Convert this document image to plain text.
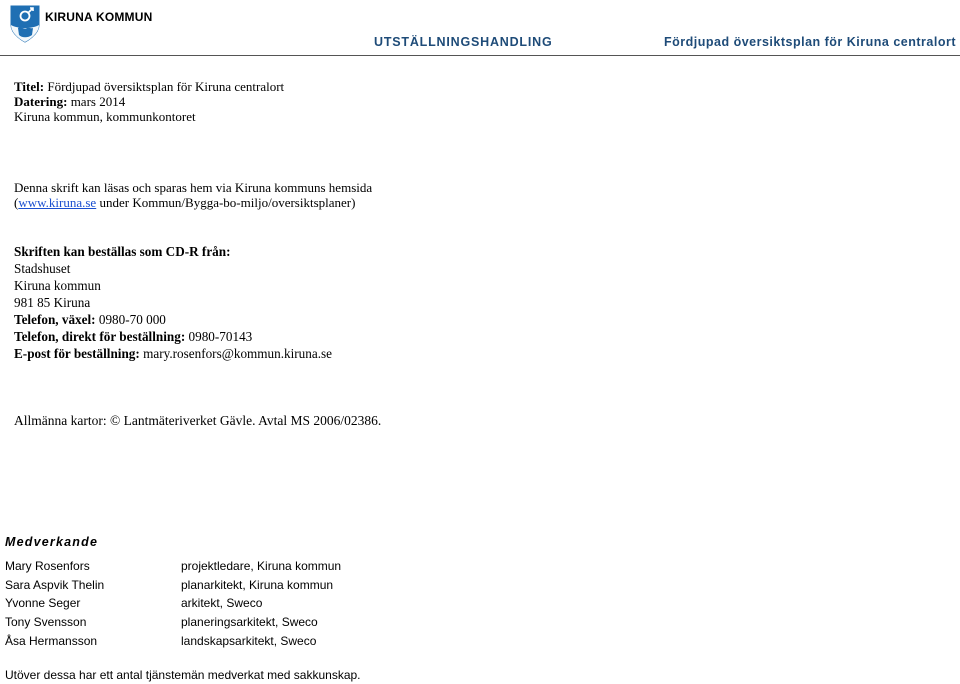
KIRUNA KOMMUN
UTSTÄLLNINGSHANDLING	Fördjupad översiktsplan för Kiruna centralort
Titel: Fördjupad översiktsplan för Kiruna centralort
Datering: mars 2014
Kiruna kommun, kommunkontoret
Denna skrift kan läsas och sparas hem via Kiruna kommuns hemsida
(www.kiruna.se under Kommun/Bygga-bo-miljo/oversiktsplaner)
Skriften kan beställas som CD-R från:
Stadshuset
Kiruna kommun
981 85 Kiruna
Telefon, växel: 0980-70 000
Telefon, direkt för beställning: 0980-70143
E-post för beställning: mary.rosenfors@kommun.kiruna.se
Allmänna kartor: © Lantmäteriverket Gävle. Avtal MS 2006/02386.
Medverkande
Mary Rosenfors	projektledare, Kiruna kommun
Sara Aspvik Thelin	planarkitekt, Kiruna kommun
Yvonne Seger	arkitekt, Sweco
Tony Svensson	planeringsarkitekt, Sweco
Åsa Hermansson	landskapsarkitekt, Sweco
Utöver dessa har ett antal tjänstemän medverkat med sakkunskap.
